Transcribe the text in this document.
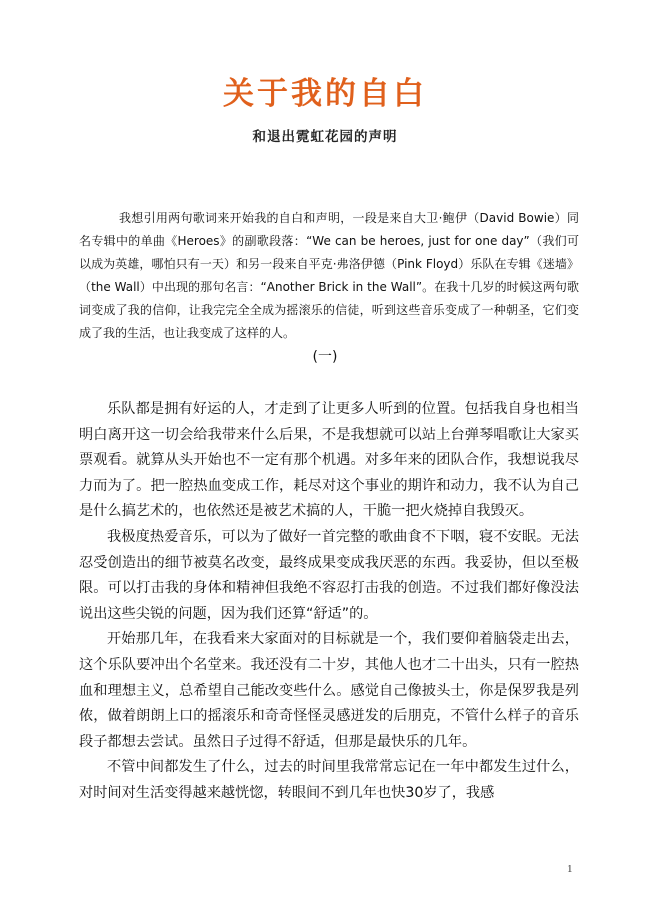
关于我的自白
和退出霓虹花园的声明

我想引用两句歌词来开始我的自白和声明，一段是来自大卫·鲍伊（David Bowie）同名专辑中的单曲《Heroes》的副歌段落：“We can be heroes, just for one day”（我们可以成为英雄，哪怕只有一天）和另一段来自平克·弗洛伊德（Pink Floyd）乐队在专辑《迷墙》（the Wall）中出现的那句名言：“Another Brick in the Wall”。在我十几岁的时候这两句歌词变成了我的信仰，让我完完全全成为摇滚乐的信徒，听到这些音乐变成了一种朝圣，它们变成了我的生活，也让我变成了这样的人。

(一)

乐队都是拥有好运的人，才走到了让更多人听到的位置。包括我自身也相当明白离开这一切会给我带来什么后果，不是我想就可以站上台弹琴唱歌让大家买票观看。就算从头开始也不一定有那个机遇。对多年来的团队合作，我想说我尽力而为了。把一腔热血变成工作，耗尽对这个事业的期许和动力，我不认为自己是什么搞艺术的，也依然还是被艺术搞的人，干脆一把火烧掉自我毁灭。

我极度热爱音乐，可以为了做好一首完整的歌曲食不下咽，寝不安眠。无法忍受创造出的细节被莫名改变，最终成果变成我厌恶的东西。我妥协，但以至极限。可以打击我的身体和精神但我绝不容忍打击我的创造。不过我们都好像没法说出这些尖锐的问题，因为我们还算“舒适”的。

开始那几年，在我看来大家面对的目标就是一个，我们要仰着脑袋走出去，这个乐队要冲出个名堂来。我还没有二十岁，其他人也才二十出头，只有一腔热血和理想主义，总希望自己能改变些什么。感觉自己像披头士，你是保罗我是列侬，做着朗朗上口的摇滚乐和奇奇怪怪灵感迸发的后朋克，不管什么样子的音乐段子都想去尝试。虽然日子过得不舒适，但那是最快乐的几年。

不管中间都发生了什么，过去的时间里我常常忘记在一年中都发生过什么，对时间对生活变得越来越恍惚，转眼间不到几年也快30岁了，我感

1
